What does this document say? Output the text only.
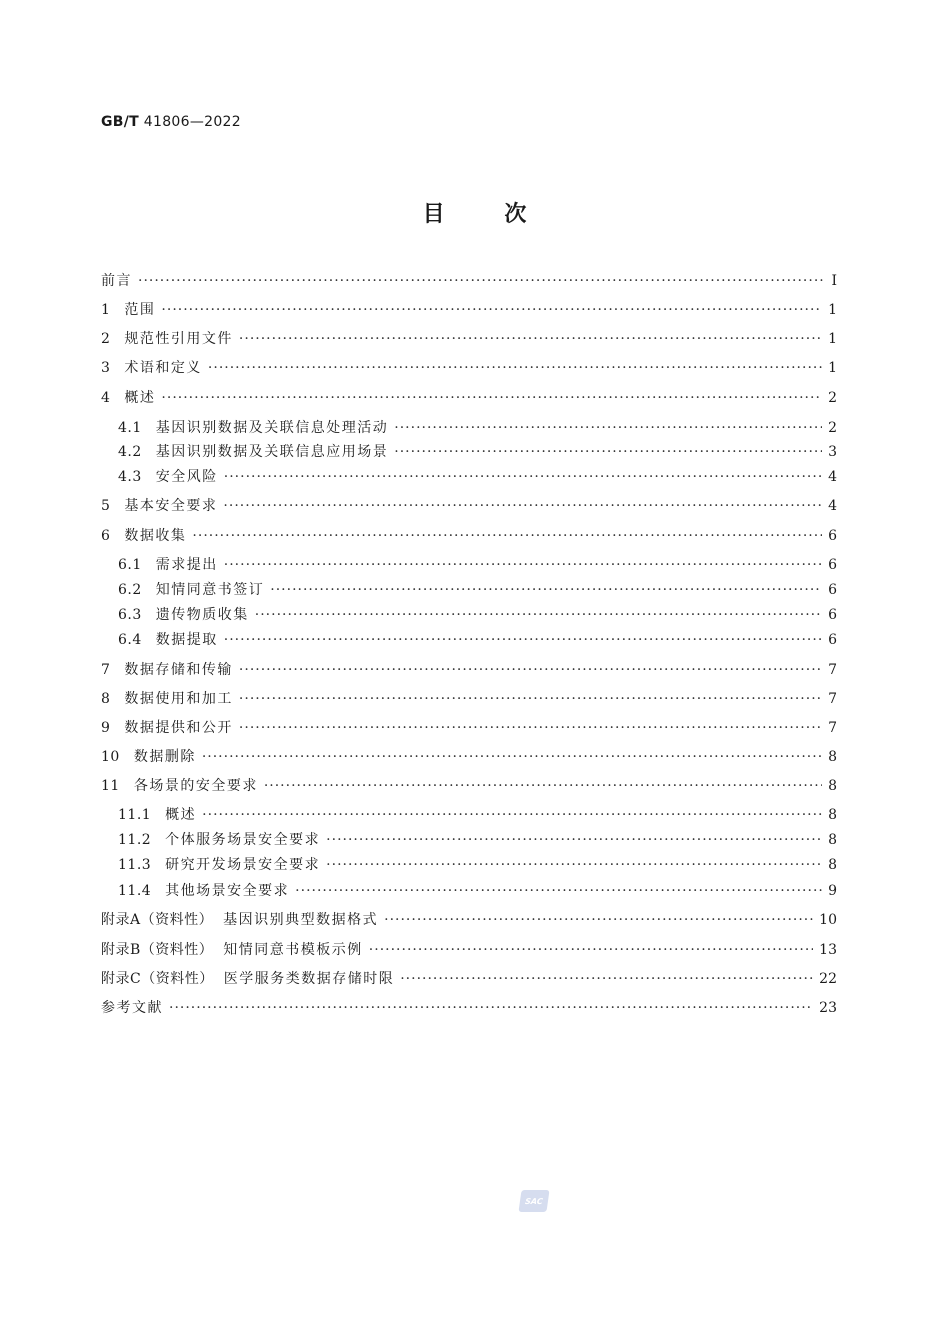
GB/T 41806—2022
目 次
前言 ·····	Ⅰ
1 范围 ·····	1
2 规范性引用文件 ·····	1
3 术语和定义 ·····	1
4 概述 ·····	2
4.1 基因识别数据及关联信息处理活动 ·····	2
4.2 基因识别数据及关联信息应用场景 ·····	3
4.3 安全风险 ·····	4
5 基本安全要求 ·····	4
6 数据收集 ·····	6
6.1 需求提出 ·····	6
6.2 知情同意书签订 ·····	6
6.3 遗传物质收集 ·····	6
6.4 数据提取 ·····	6
7 数据存储和传输 ·····	7
8 数据使用和加工 ·····	7
9 数据提供和公开 ·····	7
10 数据删除 ·····	8
11 各场景的安全要求 ·····	8
11.1 概述 ·····	8
11.2 个体服务场景安全要求 ·····	8
11.3 研究开发场景安全要求 ·····	8
11.4 其他场景安全要求 ·····	9
附录A（资料性） 基因识别典型数据格式 ·····	10
附录B（资料性） 知情同意书模板示例 ·····	13
附录C（资料性） 医学服务类数据存储时限 ·····	22
参考文献 ·····	23
SAC
